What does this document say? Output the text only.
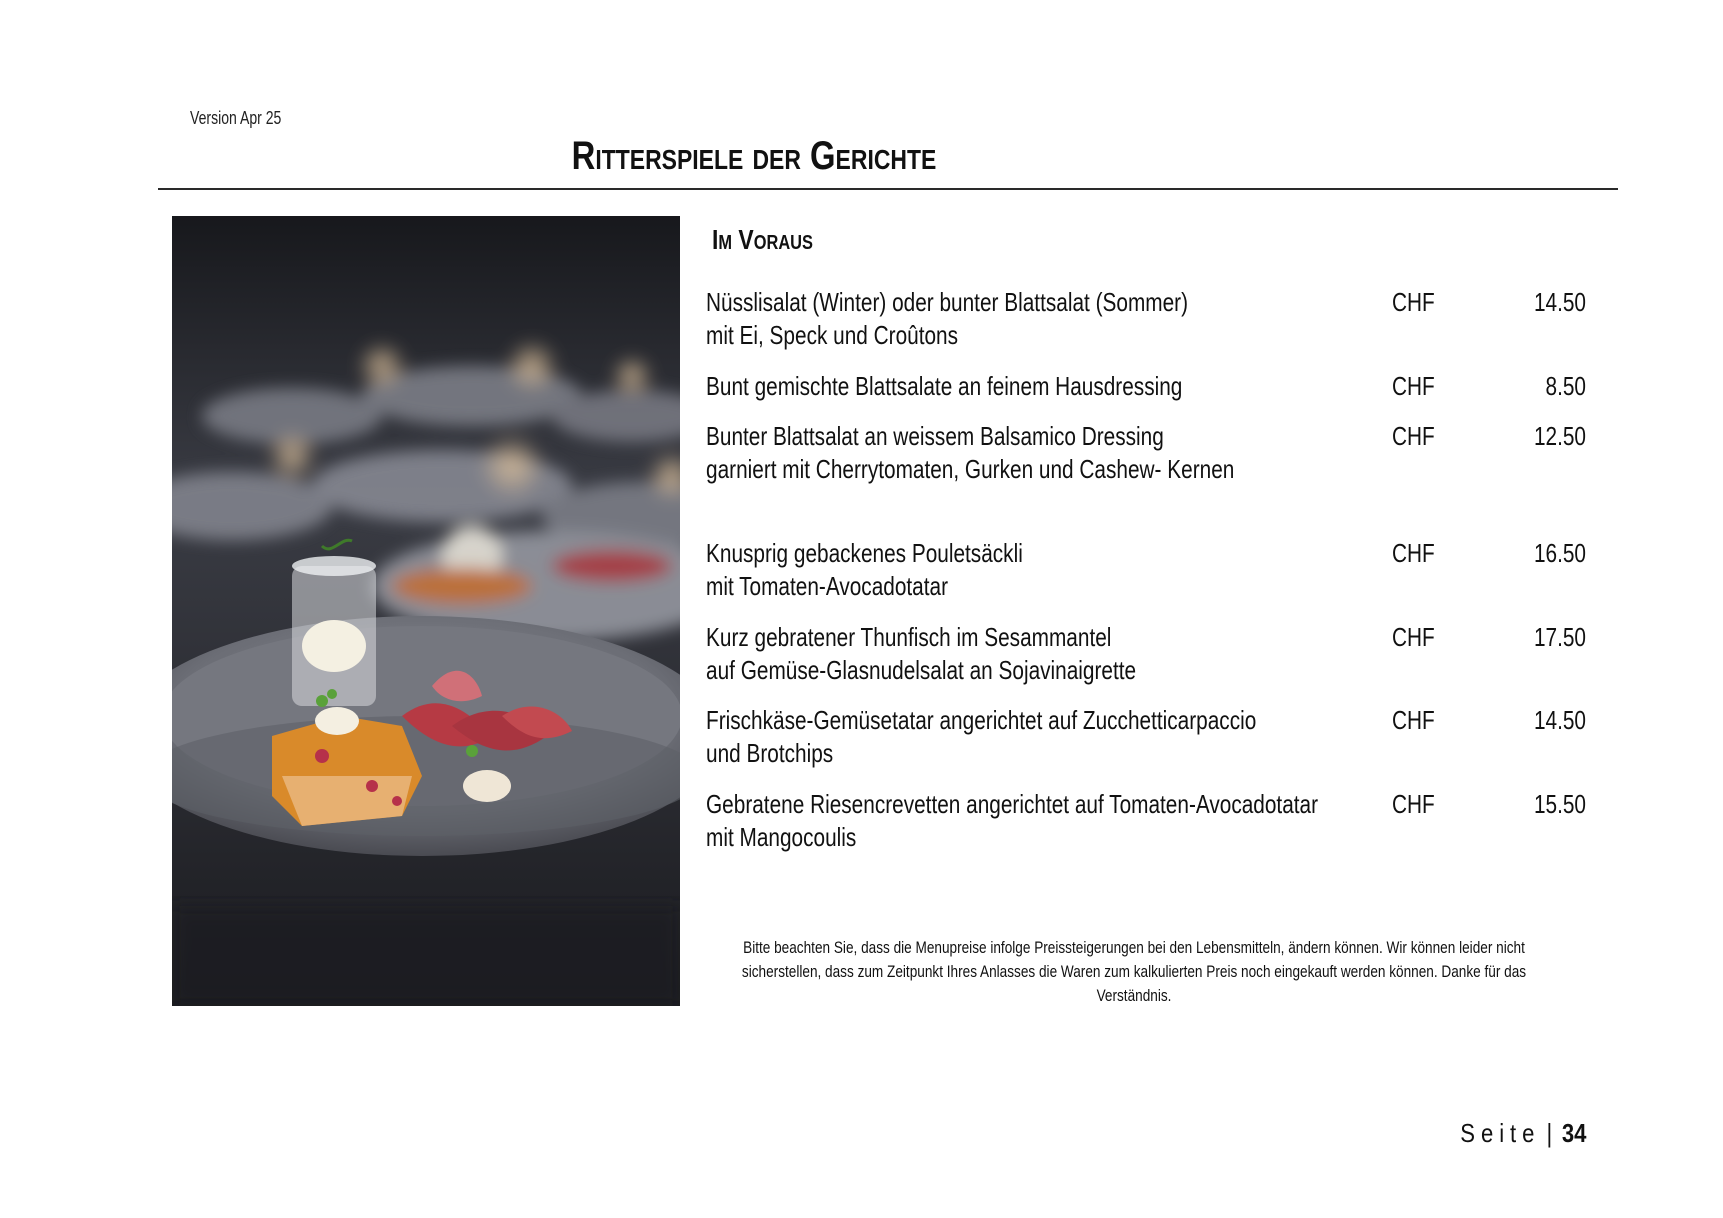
Version Apr 25
Ritterspiele der Gerichte
Im Voraus
Nüsslisalat (Winter) oder bunter Blattsalat (Sommer)
mit Ei, Speck und Croûtons
CHF	14.50
Bunt gemischte Blattsalate an feinem Hausdressing	CHF	8.50
Bunter Blattsalat an weissem Balsamico Dressing
garniert mit Cherrytomaten, Gurken und Cashew- Kernen
CHF	12.50
Knusprig gebackenes Pouletsäckli
mit Tomaten-Avocadotatar
CHF	16.50
Kurz gebratener Thunfisch im Sesammantel
auf Gemüse-Glasnudelsalat an Sojavinaigrette
CHF	17.50
Frischkäse-Gemüsetatar angerichtet auf Zucchetticarpaccio
und Brotchips
CHF	14.50
Gebratene Riesencrevetten angerichtet auf Tomaten-Avocadotatar
mit Mangocoulis
CHF	15.50
Bitte beachten Sie, dass die Menupreise infolge Preissteigerungen bei den Lebensmitteln, ändern können. Wir können leider nicht sicherstellen, dass zum Zeitpunkt Ihres Anlasses die Waren zum kalkulierten Preis noch eingekauft werden können. Danke für das Verständnis.
Seite | 34
